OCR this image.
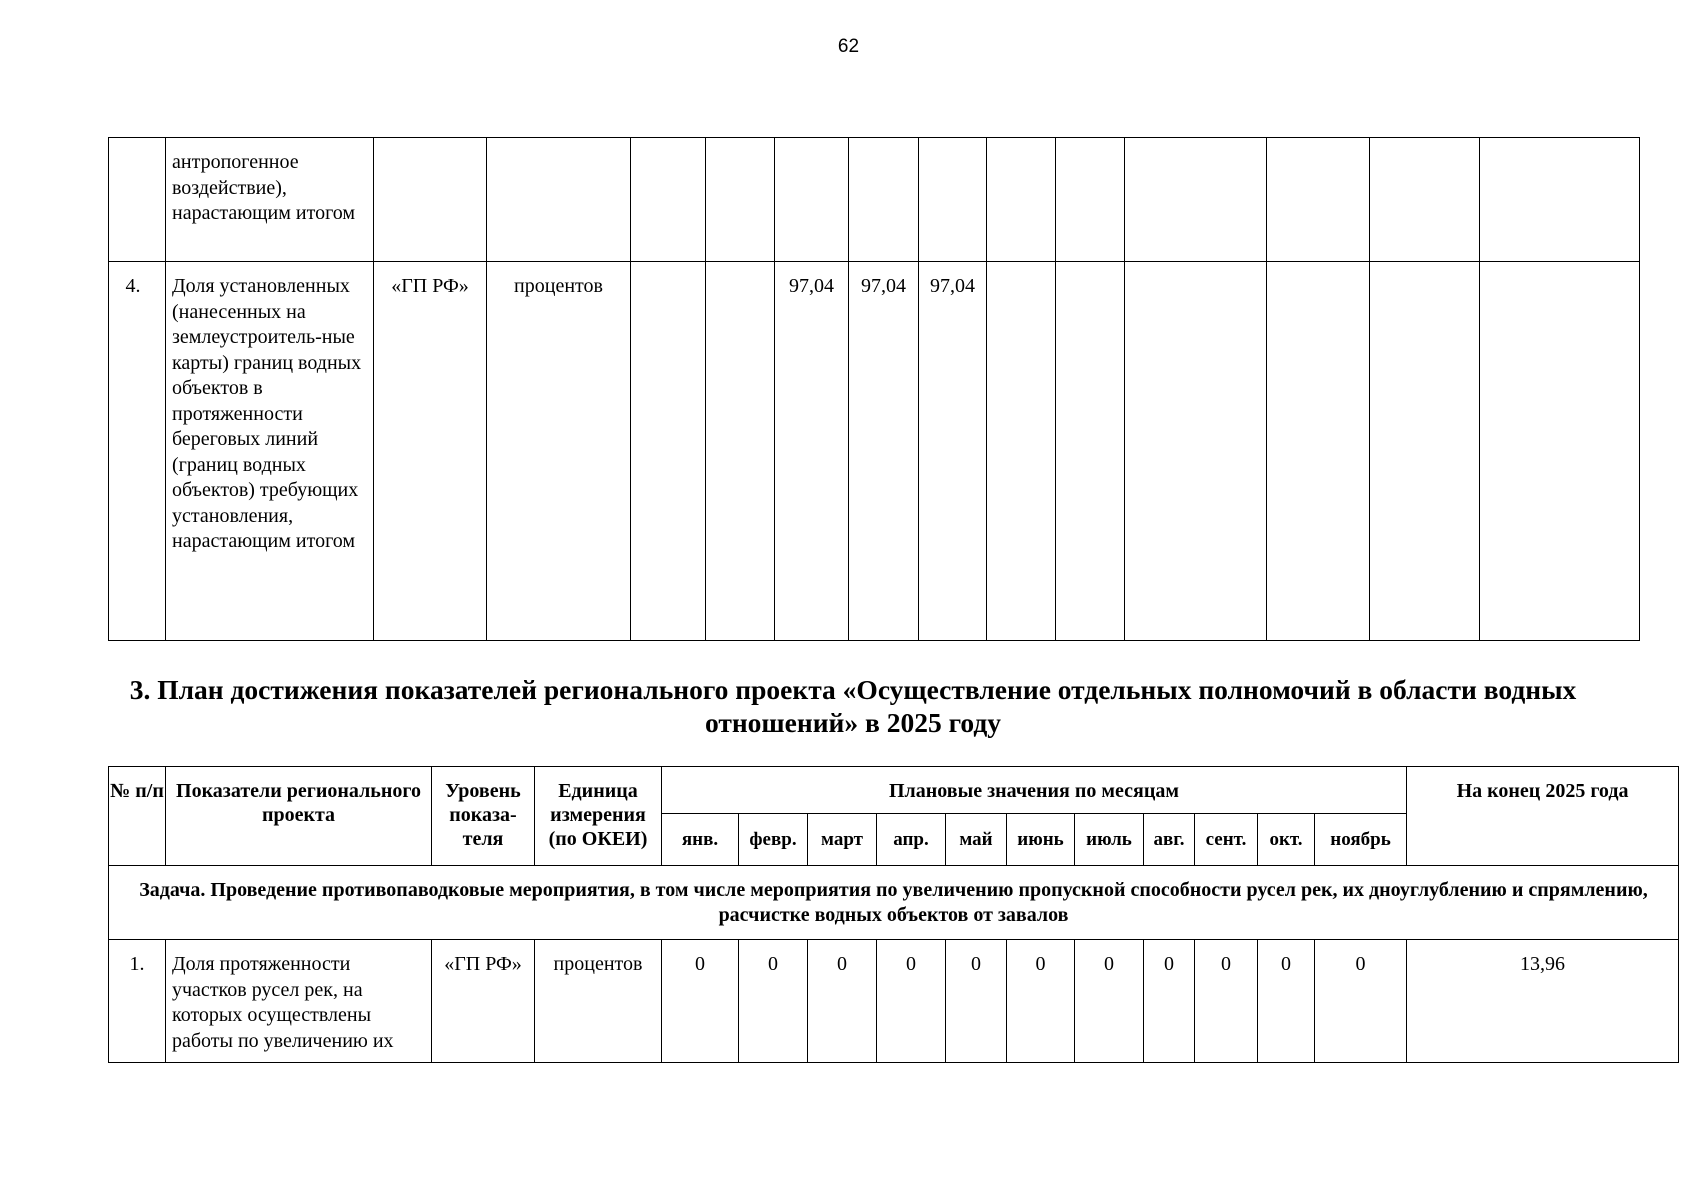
62
	антропогенное воздействие), нарастающим итогом													
4.	Доля установленных (нанесенных на землеустроитель-ные карты) границ водных объектов в протяженности береговых линий (границ водных объектов) требующих установления, нарастающим итогом	«ГП РФ»	процентов			97,04	97,04	97,04						
3. План достижения показателей регионального проекта «Осуществление отдельных полномочий в области водных отношений» в 2025 году
№ п/п	Показатели регионального проекта	Уровень показа-теля	Единица измерения (по ОКЕИ)	Плановые значения по месяцам											На конец 2025 года
				янв.	февр.	март	апр.	май	июнь	июль	авг.	сент.	окт.	ноябрь	
Задача. Проведение противопаводковые мероприятия, в том числе мероприятия по увеличению пропускной способности русел рек, их дноуглублению и спрямлению, расчистке водных объектов от завалов															
1.	Доля протяженности участков русел рек, на которых осуществлены работы по увеличению их	«ГП РФ»	процентов	0	0	0	0	0	0	0	0	0	0	0	13,96
